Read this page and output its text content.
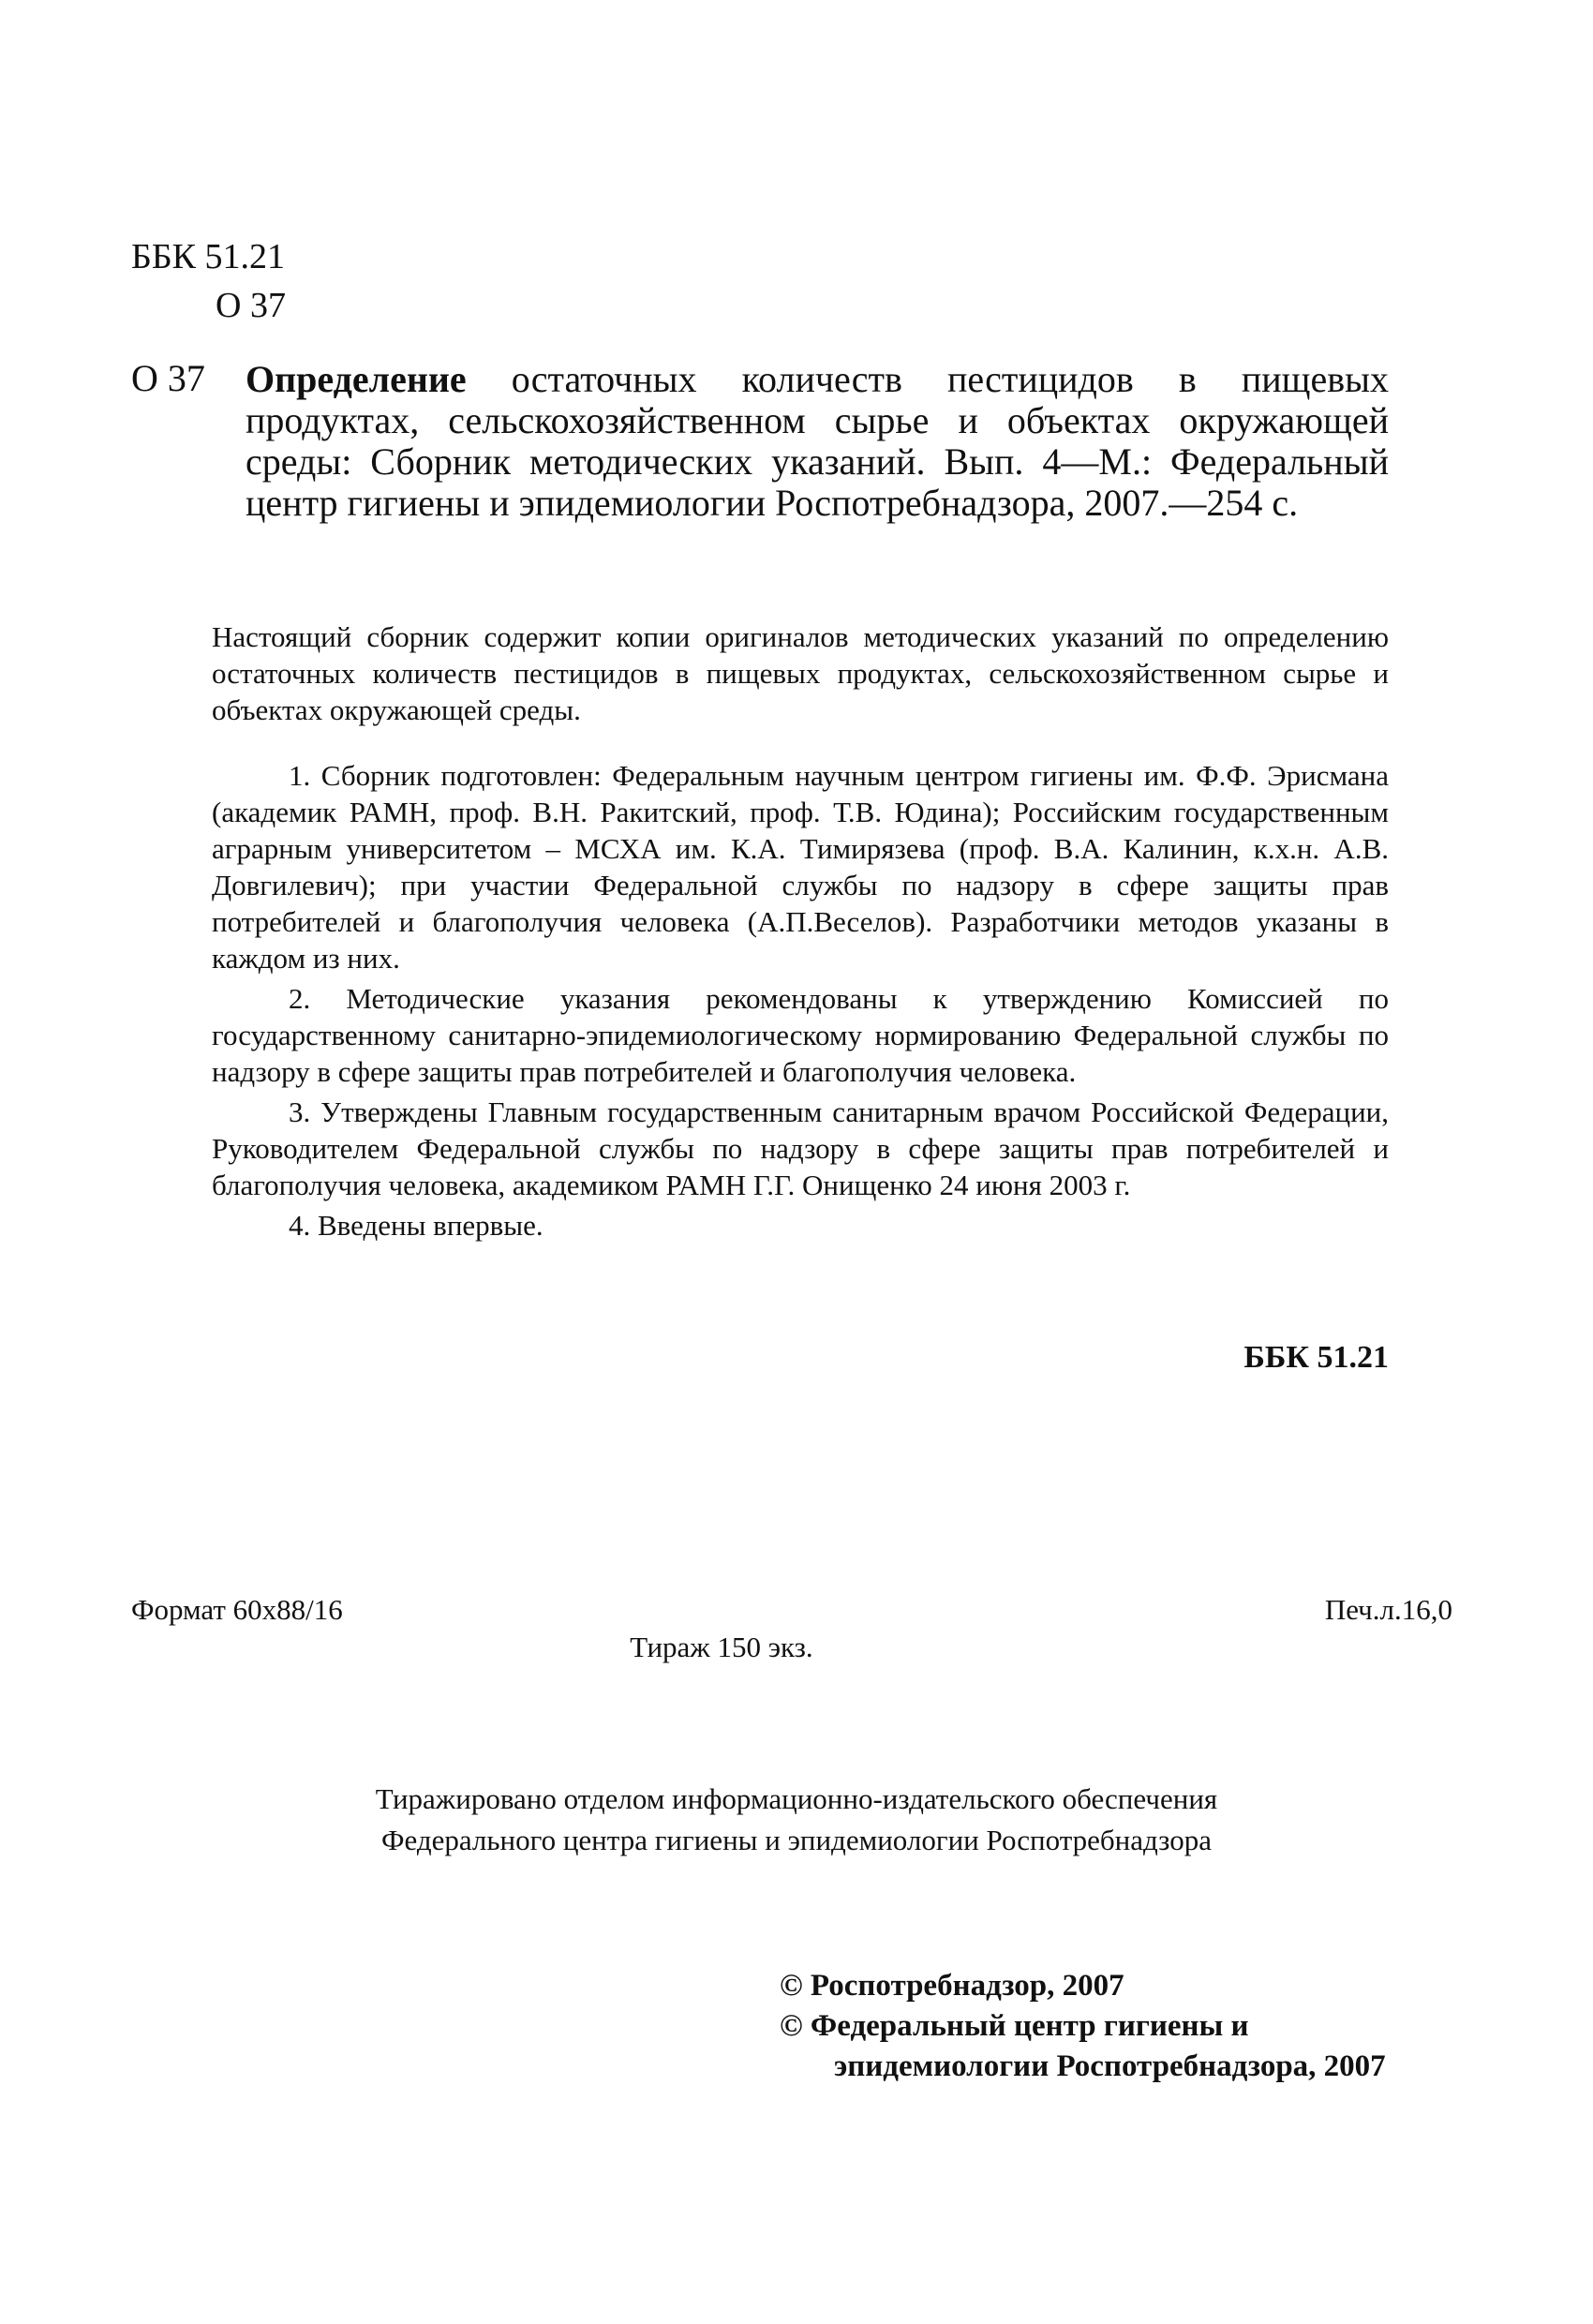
ББК 51.21
О 37
О 37 Определение остаточных количеств пестицидов в пищевых продуктах, сельскохозяйственном сырье и объектах окружающей среды: Сборник методических указаний. Вып. 4—М.: Федеральный центр гигиены и эпидемиологии Роспотребнадзора, 2007.—254 с.

Настоящий сборник содержит копии оригиналов методических указаний по определению остаточных количеств пестицидов в пищевых продуктах, сельскохозяйственном сырье и объектах окружающей среды.

1. Сборник подготовлен: Федеральным научным центром гигиены им. Ф.Ф. Эрисмана (академик РАМН, проф. В.Н. Ракитский, проф. Т.В. Юдина); Российским государственным аграрным университетом – МСХА им. К.А. Тимирязева (проф. В.А. Калинин, к.х.н. А.В. Довгилевич); при участии Федеральной службы по надзору в сфере защиты прав потребителей и благополучия человека (А.П.Веселов). Разработчики методов указаны в каждом из них.

2. Методические указания рекомендованы к утверждению Комиссией по государственному санитарно-эпидемиологическому нормированию Федеральной службы по надзору в сфере защиты прав потребителей и благополучия человека.

3. Утверждены Главным государственным санитарным врачом Российской Федерации, Руководителем Федеральной службы по надзору в сфере защиты прав потребителей и благополучия человека, академиком РАМН Г.Г. Онищенко 24 июня 2003 г.

4. Введены впервые.

ББК 51.21
Формат 60х88/16	Печ.л.16,0
Тираж 150 экз.
Тиражировано отделом информационно-издательского обеспечения
Федерального центра гигиены и эпидемиологии Роспотребнадзора
© Роспотребнадзор, 2007
© Федеральный центр гигиены и
эпидемиологии Роспотребнадзора, 2007
